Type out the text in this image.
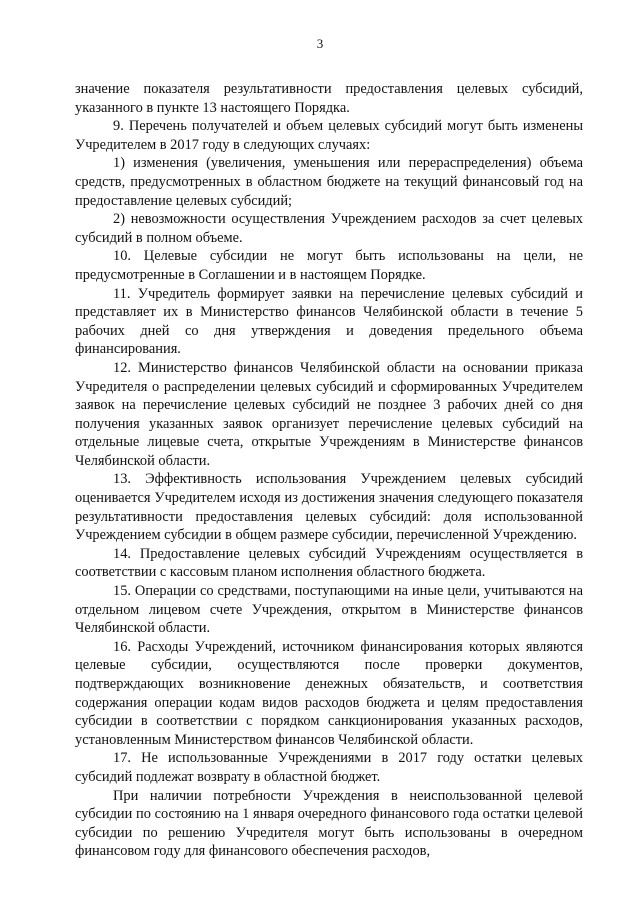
3

значение показателя результативности предоставления целевых субсидий, указанного в пункте 13 настоящего Порядка.

9. Перечень получателей и объем целевых субсидий могут быть изменены Учредителем в 2017 году в следующих случаях:

1) изменения (увеличения, уменьшения или перераспределения) объема средств, предусмотренных в областном бюджете на текущий финансовый год на предоставление целевых субсидий;

2) невозможности осуществления Учреждением расходов за счет целевых субсидий в полном объеме.

10. Целевые субсидии не могут быть использованы на цели, не предусмотренные в Соглашении и в настоящем Порядке.

11. Учредитель формирует заявки на перечисление целевых субсидий и представляет их в Министерство финансов Челябинской области в течение 5 рабочих дней со дня утверждения и доведения предельного объема финансирования.

12. Министерство финансов Челябинской области на основании приказа Учредителя о распределении целевых субсидий и сформированных Учредителем заявок на перечисление целевых субсидий не позднее 3 рабочих дней со дня получения указанных заявок организует перечисление целевых субсидий на отдельные лицевые счета, открытые Учреждениям в Министерстве финансов Челябинской области.

13. Эффективность использования Учреждением целевых субсидий оценивается Учредителем исходя из достижения значения следующего показателя результативности предоставления целевых субсидий: доля использованной Учреждением субсидии в общем размере субсидии, перечисленной Учреждению.

14. Предоставление целевых субсидий Учреждениям осуществляется в соответствии с кассовым планом исполнения областного бюджета.

15. Операции со средствами, поступающими на иные цели, учитываются на отдельном лицевом счете Учреждения, открытом в Министерстве финансов Челябинской области.

16. Расходы Учреждений, источником финансирования которых являются целевые субсидии, осуществляются после проверки документов, подтверждающих возникновение денежных обязательств, и соответствия содержания операции кодам видов расходов бюджета и целям предоставления субсидии в соответствии с порядком санкционирования указанных расходов, установленным Министерством финансов Челябинской области.

17. Не использованные Учреждениями в 2017 году остатки целевых субсидий подлежат возврату в областной бюджет.

При наличии потребности Учреждения в неиспользованной целевой субсидии по состоянию на 1 января очередного финансового года остатки целевой субсидии по решению Учредителя могут быть использованы в очередном финансовом году для финансового обеспечения расходов,
